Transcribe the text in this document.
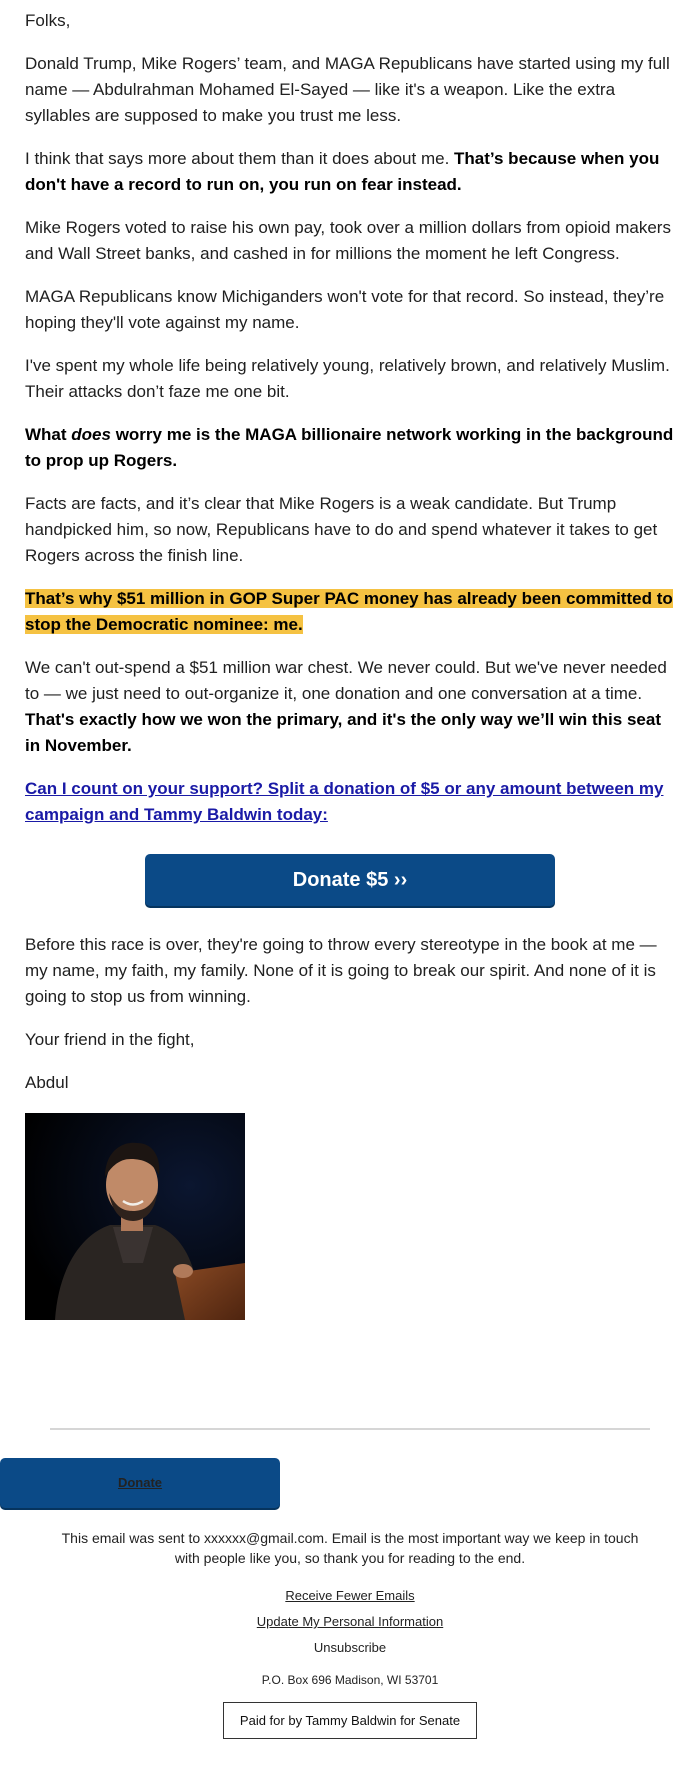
Folks,

Donald Trump, Mike Rogers’ team, and MAGA Republicans have started using my full name — Abdulrahman Mohamed El-Sayed — like it's a weapon. Like the extra syllables are supposed to make you trust me less.

I think that says more about them than it does about me. That’s because when you don't have a record to run on, you run on fear instead.

Mike Rogers voted to raise his own pay, took over a million dollars from opioid makers and Wall Street banks, and cashed in for millions the moment he left Congress.

MAGA Republicans know Michiganders won't vote for that record. So instead, they’re hoping they'll vote against my name.

I've spent my whole life being relatively young, relatively brown, and relatively Muslim. Their attacks don’t faze me one bit.

What does worry me is the MAGA billionaire network working in the background to prop up Rogers.

Facts are facts, and it’s clear that Mike Rogers is a weak candidate. But Trump handpicked him, so now, Republicans have to do and spend whatever it takes to get Rogers across the finish line.

That’s why $51 million in GOP Super PAC money has already been committed to stop the Democratic nominee: me.

We can't out-spend a $51 million war chest. We never could. But we've never needed to — we just need to out-organize it, one donation and one conversation at a time. That's exactly how we won the primary, and it's the only way we’ll win this seat in November.

Can I count on your support? Split a donation of $5 or any amount between my campaign and Tammy Baldwin today:

Donate $5 ››

Before this race is over, they're going to throw every stereotype in the book at me — my name, my faith, my family. None of it is going to break our spirit. And none of it is going to stop us from winning.

Your friend in the fight,

Abdul

Donate
This email was sent to xxxxxx@gmail.com. Email is the most important way we keep in touch with people like you, so thank you for reading to the end.
Receive Fewer Emails
Update My Personal Information
Unsubscribe
P.O. Box 696 Madison, WI 53701
Paid for by Tammy Baldwin for Senate
